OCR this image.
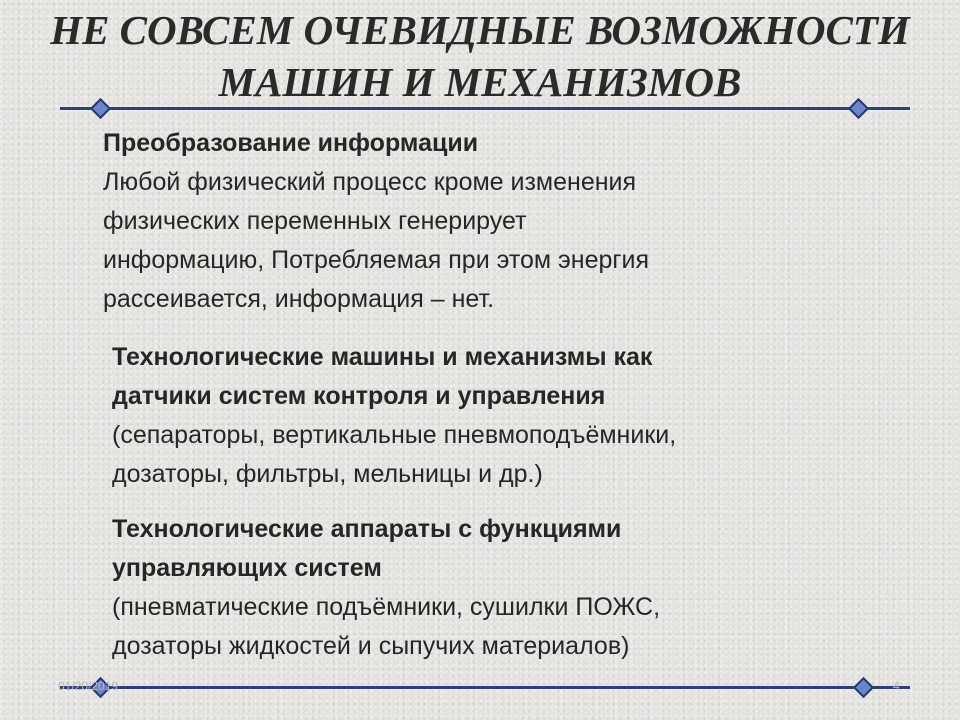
НЕ СОВСЕМ ОЧЕВИДНЫЕ ВОЗМОЖНОСТИ
МАШИН И МЕХАНИЗМОВ
Преобразование информации
Любой физический процесс кроме изменения
физических переменных генерирует
информацию, Потребляемая при этом энергия
рассеивается, информация – нет.
Технологические машины и механизмы как
датчики систем контроля и управления
(сепараторы, вертикальные пневмоподъёмники,
дозаторы, фильтры, мельницы и др.)
Технологические аппараты с функциями
управляющих систем
(пневматические подъёмники, сушилки ПОЖС,
дозаторы жидкостей и сыпучих материалов)
01/20/2019	4
